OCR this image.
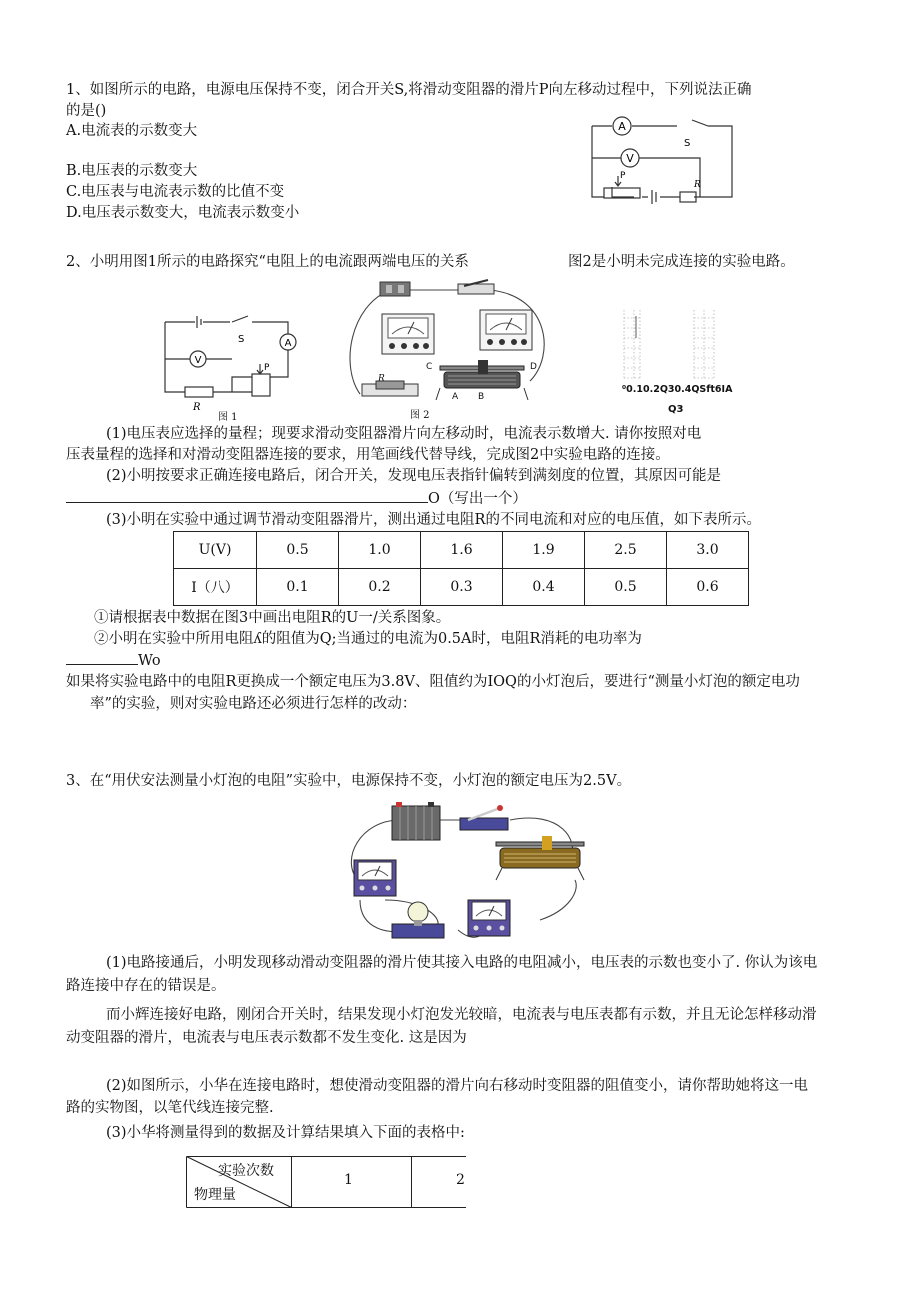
1、如图所示的电路，电源电压保持不变，闭合开关S,将滑动变阻器的滑片P向左移动过程中，下列说法正确
的是()
A.电流表的示数变大
B.电压表的示数变大
C.电压表与电流表示数的比值不变
D.电压表示数变大，电流表示数变小
A
V
S
P
R
2、小明用图1所示的电路探究“电阻上的电流跟两端电压的关系	图2是小明未完成连接的实验电路。
A
V
S
R
P
图 1
C	D
A B
R
图 2
⁰0.10.2Q30.4QSft6IA
Q3
(1)电压表应选择的量程；现要求滑动变阻器滑片向左移动时，电流表示数增大. 请你按照对电
压表量程的选择和对滑动变阻器连接的要求，用笔画线代替导线，完成图2中实验电路的连接。
(2)小明按要求正确连接电路后，闭合开关，发现电压表指针偏转到满刻度的位置，其原因可能是
O（写出一个）
(3)小明在实验中通过调节滑动变阻器滑片，测出通过电阻R的不同电流和对应的电压值，如下表所示。
U(V)	0.5	1.0	1.6	1.9	2.5	3.0
I（八）	0.1	0.2	0.3	0.4	0.5	0.6
①请根据表中数据在图3中画出电阻R的U一/关系图象。
②小明在实验中所用电阻ʎ的阻值为Q;当通过的电流为0.5A时，电阻R消耗的电功率为
Wo
如果将实验电路中的电阻R更换成一个额定电压为3.8V、阻值约为IOQ的小灯泡后，要进行“测量小灯泡的额定电功
率”的实验，则对实验电路还必须进行怎样的改动：
3、在“用伏安法测量小灯泡的电阻”实验中，电源保持不变，小灯泡的额定电压为2.5V。
(1)电路接通后，小明发现移动滑动变阻器的滑片使其接入电路的电阻减小，电压表的示数也变小了. 你认为该电
路连接中存在的错误是。
而小辉连接好电路，刚闭合开关时，结果发现小灯泡发光较暗，电流表与电压表都有示数，并且无论怎样移动滑
动变阻器的滑片，电流表与电压表示数都不发生变化. 这是因为
(2)如图所示，小华在连接电路时，想使滑动变阻器的滑片向右移动时变阻器的阻值变小，请你帮助她将这一电
路的实物图，以笔代线连接完整.
(3)小华将测量得到的数据及计算结果填入下面的表格中:
实验次数
物理量
1	2
